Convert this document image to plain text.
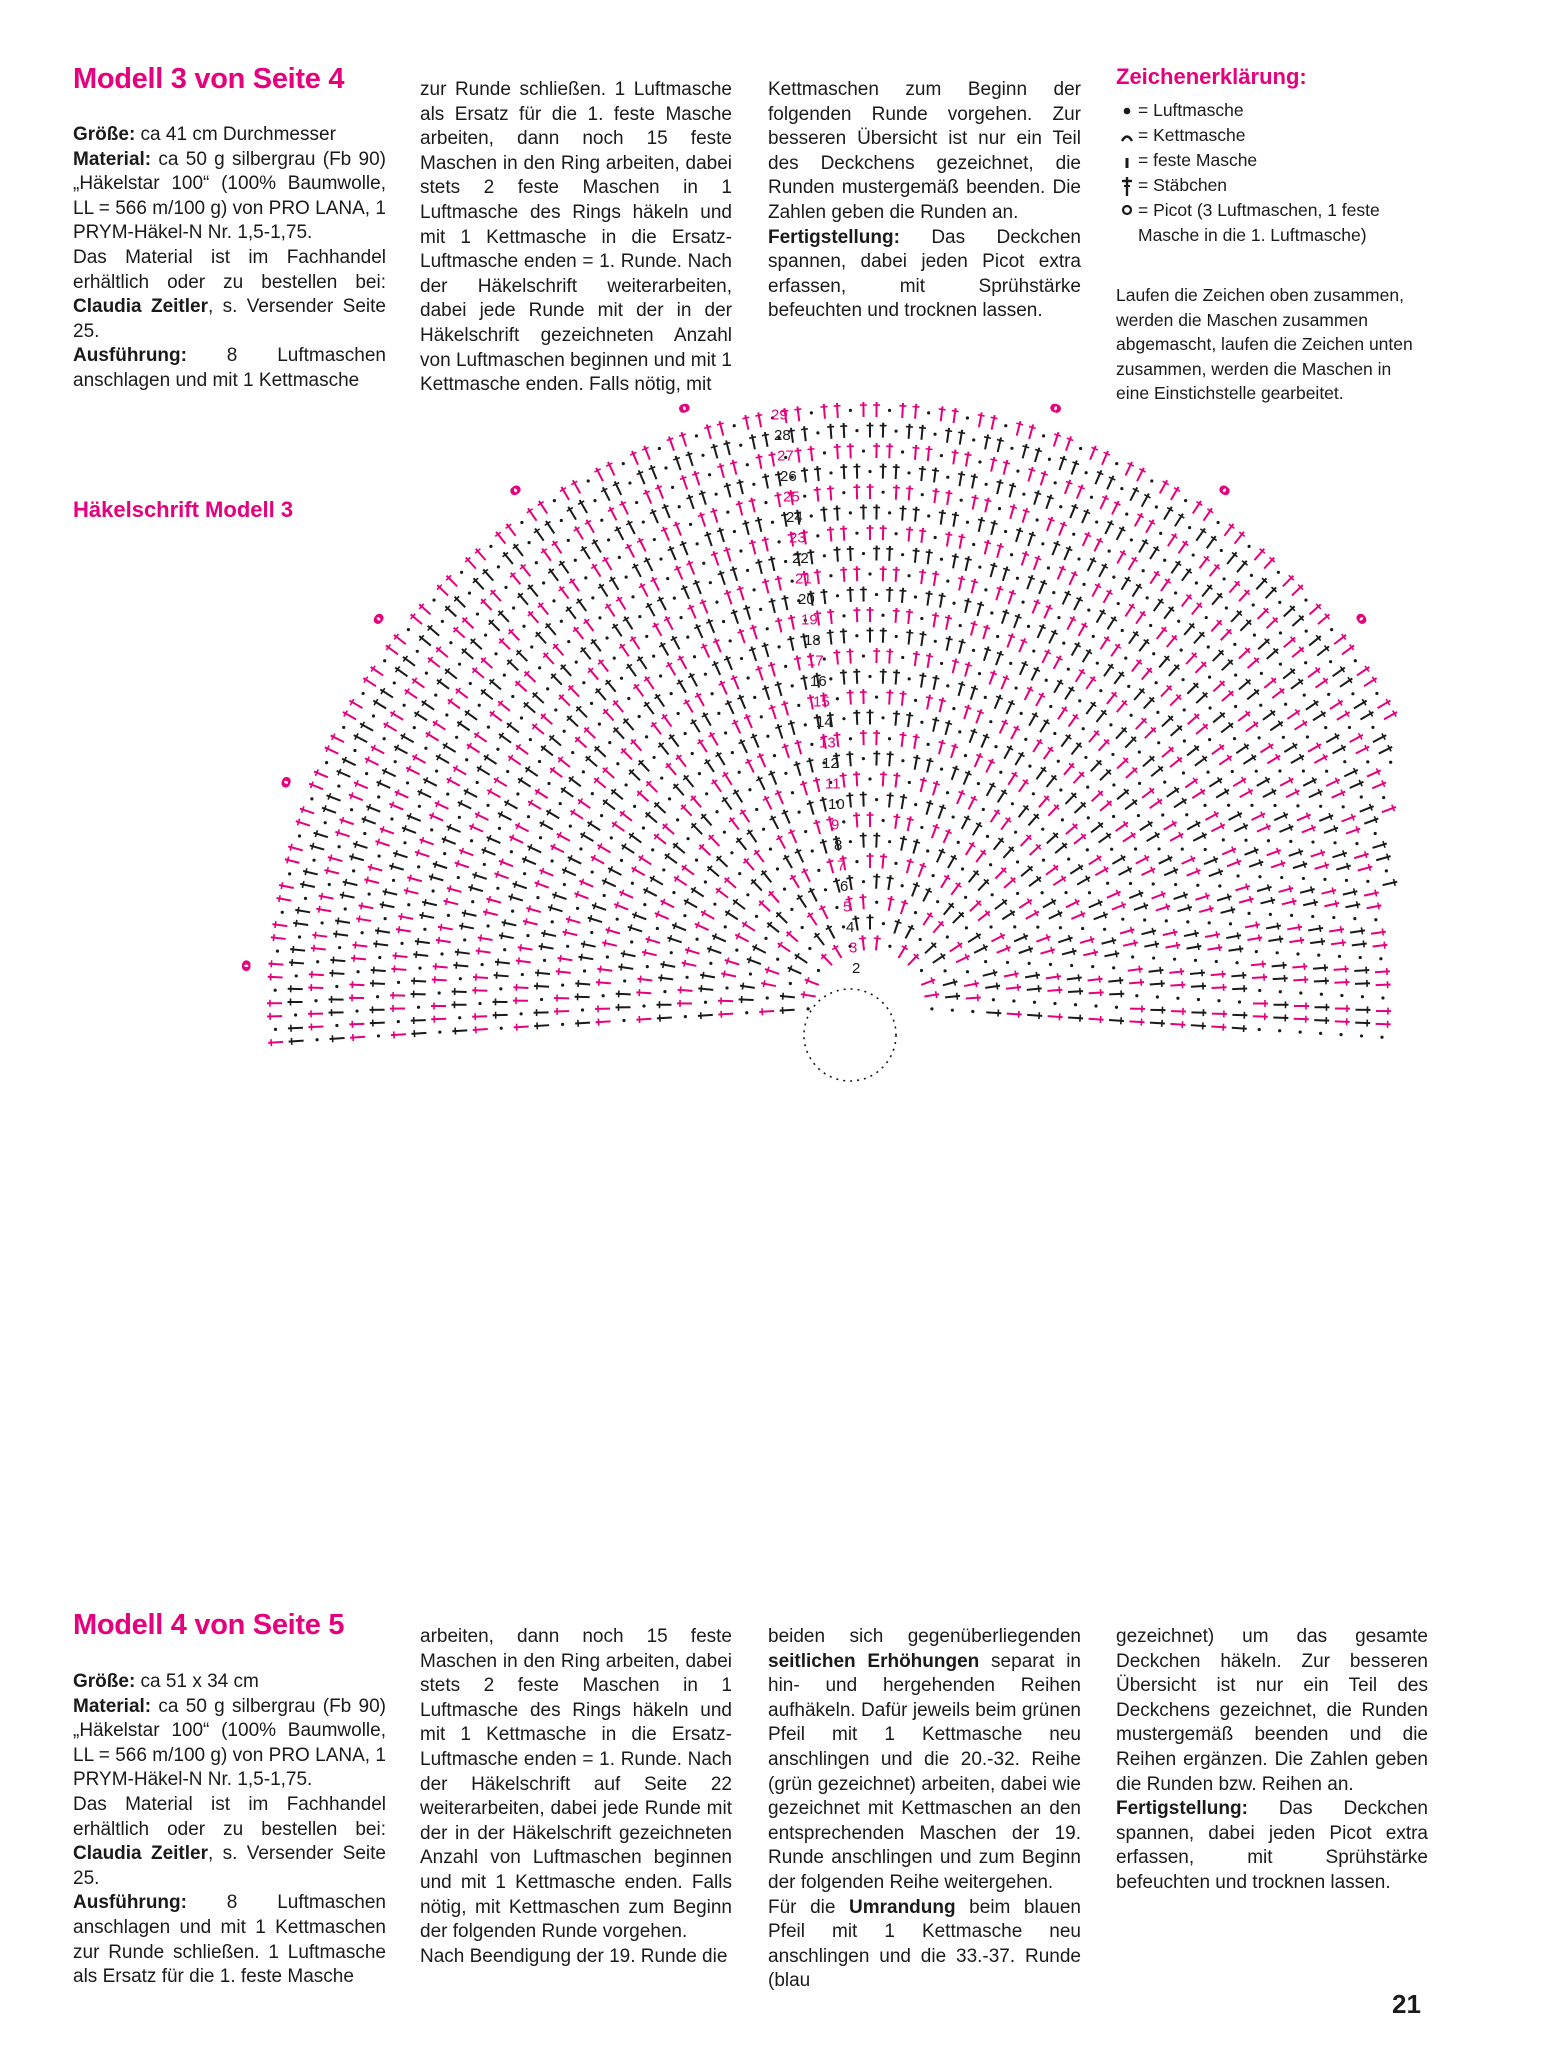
Modell 3 von Seite 4

Größe: ca 41 cm Durchmesser

Material: ca 50 g silbergrau (Fb 90) „Häkelstar 100“ (100% Baumwolle, LL = 566 m/100 g) von PRO LANA, 1 PRYM-Häkel-N Nr. 1,5-1,75.

Das Material ist im Fachhandel erhältlich oder zu bestellen bei: Claudia Zeitler, s. Versender Seite 25.

Ausführung: 8 Luftmaschen anschlagen und mit 1 Kettmasche

zur Runde schließen. 1 Luftmasche als Ersatz für die 1. feste Masche arbeiten, dann noch 15 feste Maschen in den Ring arbeiten, dabei stets 2 feste Maschen in 1 Luftmasche des Rings häkeln und mit 1 Kettmasche in die Ersatz-Luftmasche enden = 1. Runde. Nach der Häkelschrift weiterarbeiten, dabei jede Runde mit der in der Häkelschrift gezeichneten Anzahl von Luftmaschen beginnen und mit 1 Kettmasche enden. Falls nötig, mit

Kettmaschen zum Beginn der folgenden Runde vorgehen. Zur besseren Übersicht ist nur ein Teil des Deckchens gezeichnet, die Runden mustergemäß beenden. Die Zahlen geben die Runden an.

Fertigstellung: Das Deckchen spannen, dabei jeden Picot extra erfassen, mit Sprühstärke befeuchten und trocknen lassen.

Zeichenerklärung:
= Luftmasche
= Kettmasche
= feste Masche
= Stäbchen
= Picot (3 Luftmaschen, 1 feste Masche in die 1. Luftmasche)
Laufen die Zeichen oben zusammen, werden die Maschen zusammen abgemascht, laufen die Zeichen unten zusammen, werden die Maschen in eine Einstichstelle gearbeitet.
Häkelschrift Modell 3
2
3
4
5
6
7
8
9
10
11
12
13
14
15
16
17
18
19
20
21
22
23
24
25
26
27
28
29
Modell 4 von Seite 5

Größe: ca 51 x 34 cm

Material: ca 50 g silbergrau (Fb 90) „Häkelstar 100“ (100% Baumwolle, LL = 566 m/100 g) von PRO LANA, 1 PRYM-Häkel-N Nr. 1,5-1,75.

Das Material ist im Fachhandel erhältlich oder zu bestellen bei: Claudia Zeitler, s. Versender Seite 25.

Ausführung: 8 Luftmaschen anschlagen und mit 1 Kettmaschen zur Runde schließen. 1 Luftmasche als Ersatz für die 1. feste Masche

arbeiten, dann noch 15 feste Maschen in den Ring arbeiten, dabei stets 2 feste Maschen in 1 Luftmasche des Rings häkeln und mit 1 Kettmasche in die Ersatz-Luftmasche enden = 1. Runde. Nach der Häkelschrift auf Seite 22 weiterarbeiten, dabei jede Runde mit der in der Häkelschrift gezeichneten Anzahl von Luftmaschen beginnen und mit 1 Kettmasche enden. Falls nötig, mit Kettmaschen zum Beginn der folgenden Runde vorgehen.

Nach Beendigung der 19. Runde die

beiden sich gegenüberliegenden seitlichen Erhöhungen separat in hin- und hergehenden Reihen aufhäkeln. Dafür jeweils beim grünen Pfeil mit 1 Kettmasche neu anschlingen und die 20.-32. Reihe (grün gezeichnet) arbeiten, dabei wie gezeichnet mit Kettmaschen an den entsprechenden Maschen der 19. Runde anschlingen und zum Beginn der folgenden Reihe weitergehen.

Für die Umrandung beim blauen Pfeil mit 1 Kettmasche neu anschlingen und die 33.-37. Runde (blau

gezeichnet) um das gesamte Deckchen häkeln. Zur besseren Übersicht ist nur ein Teil des Deckchens gezeichnet, die Runden mustergemäß beenden und die Reihen ergänzen. Die Zahlen geben die Runden bzw. Reihen an.

Fertigstellung: Das Deckchen spannen, dabei jeden Picot extra erfassen, mit Sprühstärke befeuchten und trocknen lassen.

21
